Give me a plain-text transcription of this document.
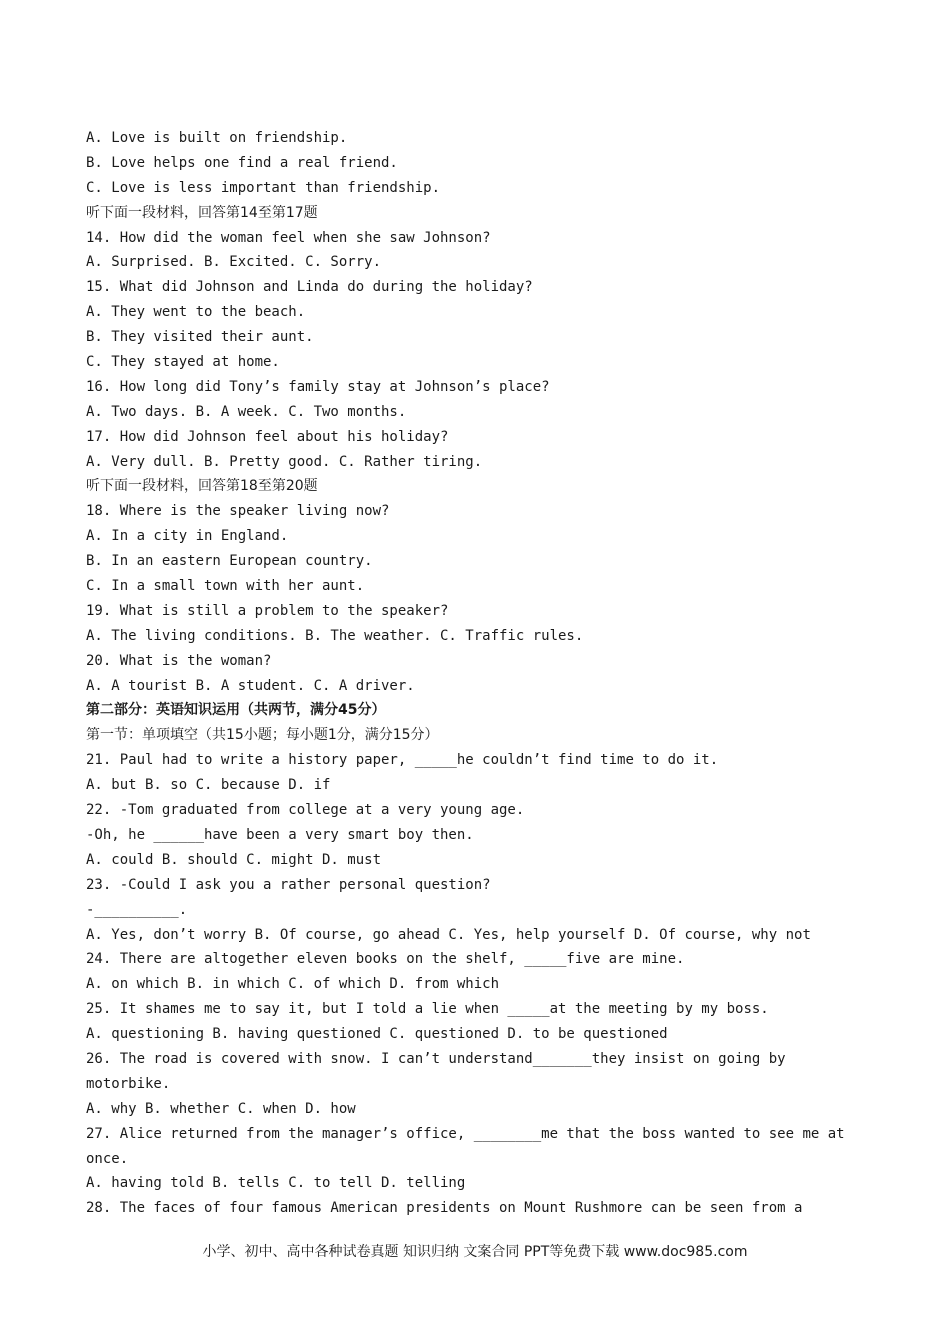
A. Love is built on friendship.
B. Love helps one find a real friend.
C. Love is less important than friendship.
听下面一段材料，回答第14至第17题
14. How did the woman feel when she saw Johnson?
A. Surprised. B. Excited. C. Sorry.
15. What did Johnson and Linda do during the holiday?
A. They went to the beach.
B. They visited their aunt.
C. They stayed at home.
16. How long did Tony’s family stay at Johnson’s place?
A. Two days. B. A week. C. Two months.
17. How did Johnson feel about his holiday?
A. Very dull. B. Pretty good. C. Rather tiring.
听下面一段材料，回答第18至第20题
18. Where is the speaker living now?
A. In a city in England.
B. In an eastern European country.
C. In a small town with her aunt.
19. What is still a problem to the speaker?
A. The living conditions. B. The weather. C. Traffic rules.
20. What is the woman?
A. A tourist B. A student. C. A driver.
第二部分：英语知识运用（共两节，满分45分）
第一节：单项填空（共15小题；每小题1分，满分15分）
21. Paul had to write a history paper, _____he couldn’t find time to do it.
A. but B. so C. because D. if
22. -Tom graduated from college at a very young age.
-Oh, he ______have been a very smart boy then.
A. could B. should C. might D. must
23. -Could I ask you a rather personal question?
-__________.
A. Yes, don’t worry B. Of course, go ahead C. Yes, help yourself D. Of course, why not
24. There are altogether eleven books on the shelf, _____five are mine.
A. on which B. in which C. of which D. from which
25. It shames me to say it, but I told a lie when _____at the meeting by my boss.
A. questioning B. having questioned C. questioned D. to be questioned
26. The road is covered with snow. I can’t understand_______they insist on going by
motorbike.
A. why B. whether C. when D. how
27. Alice returned from the manager’s office, ________me that the boss wanted to see me at
once.
A. having told B. tells C. to tell D. telling
28. The faces of four famous American presidents on Mount Rushmore can be seen from a
小学、初中、高中各种试卷真题 知识归纳 文案合同 PPT等免费下载 www.doc985.com
